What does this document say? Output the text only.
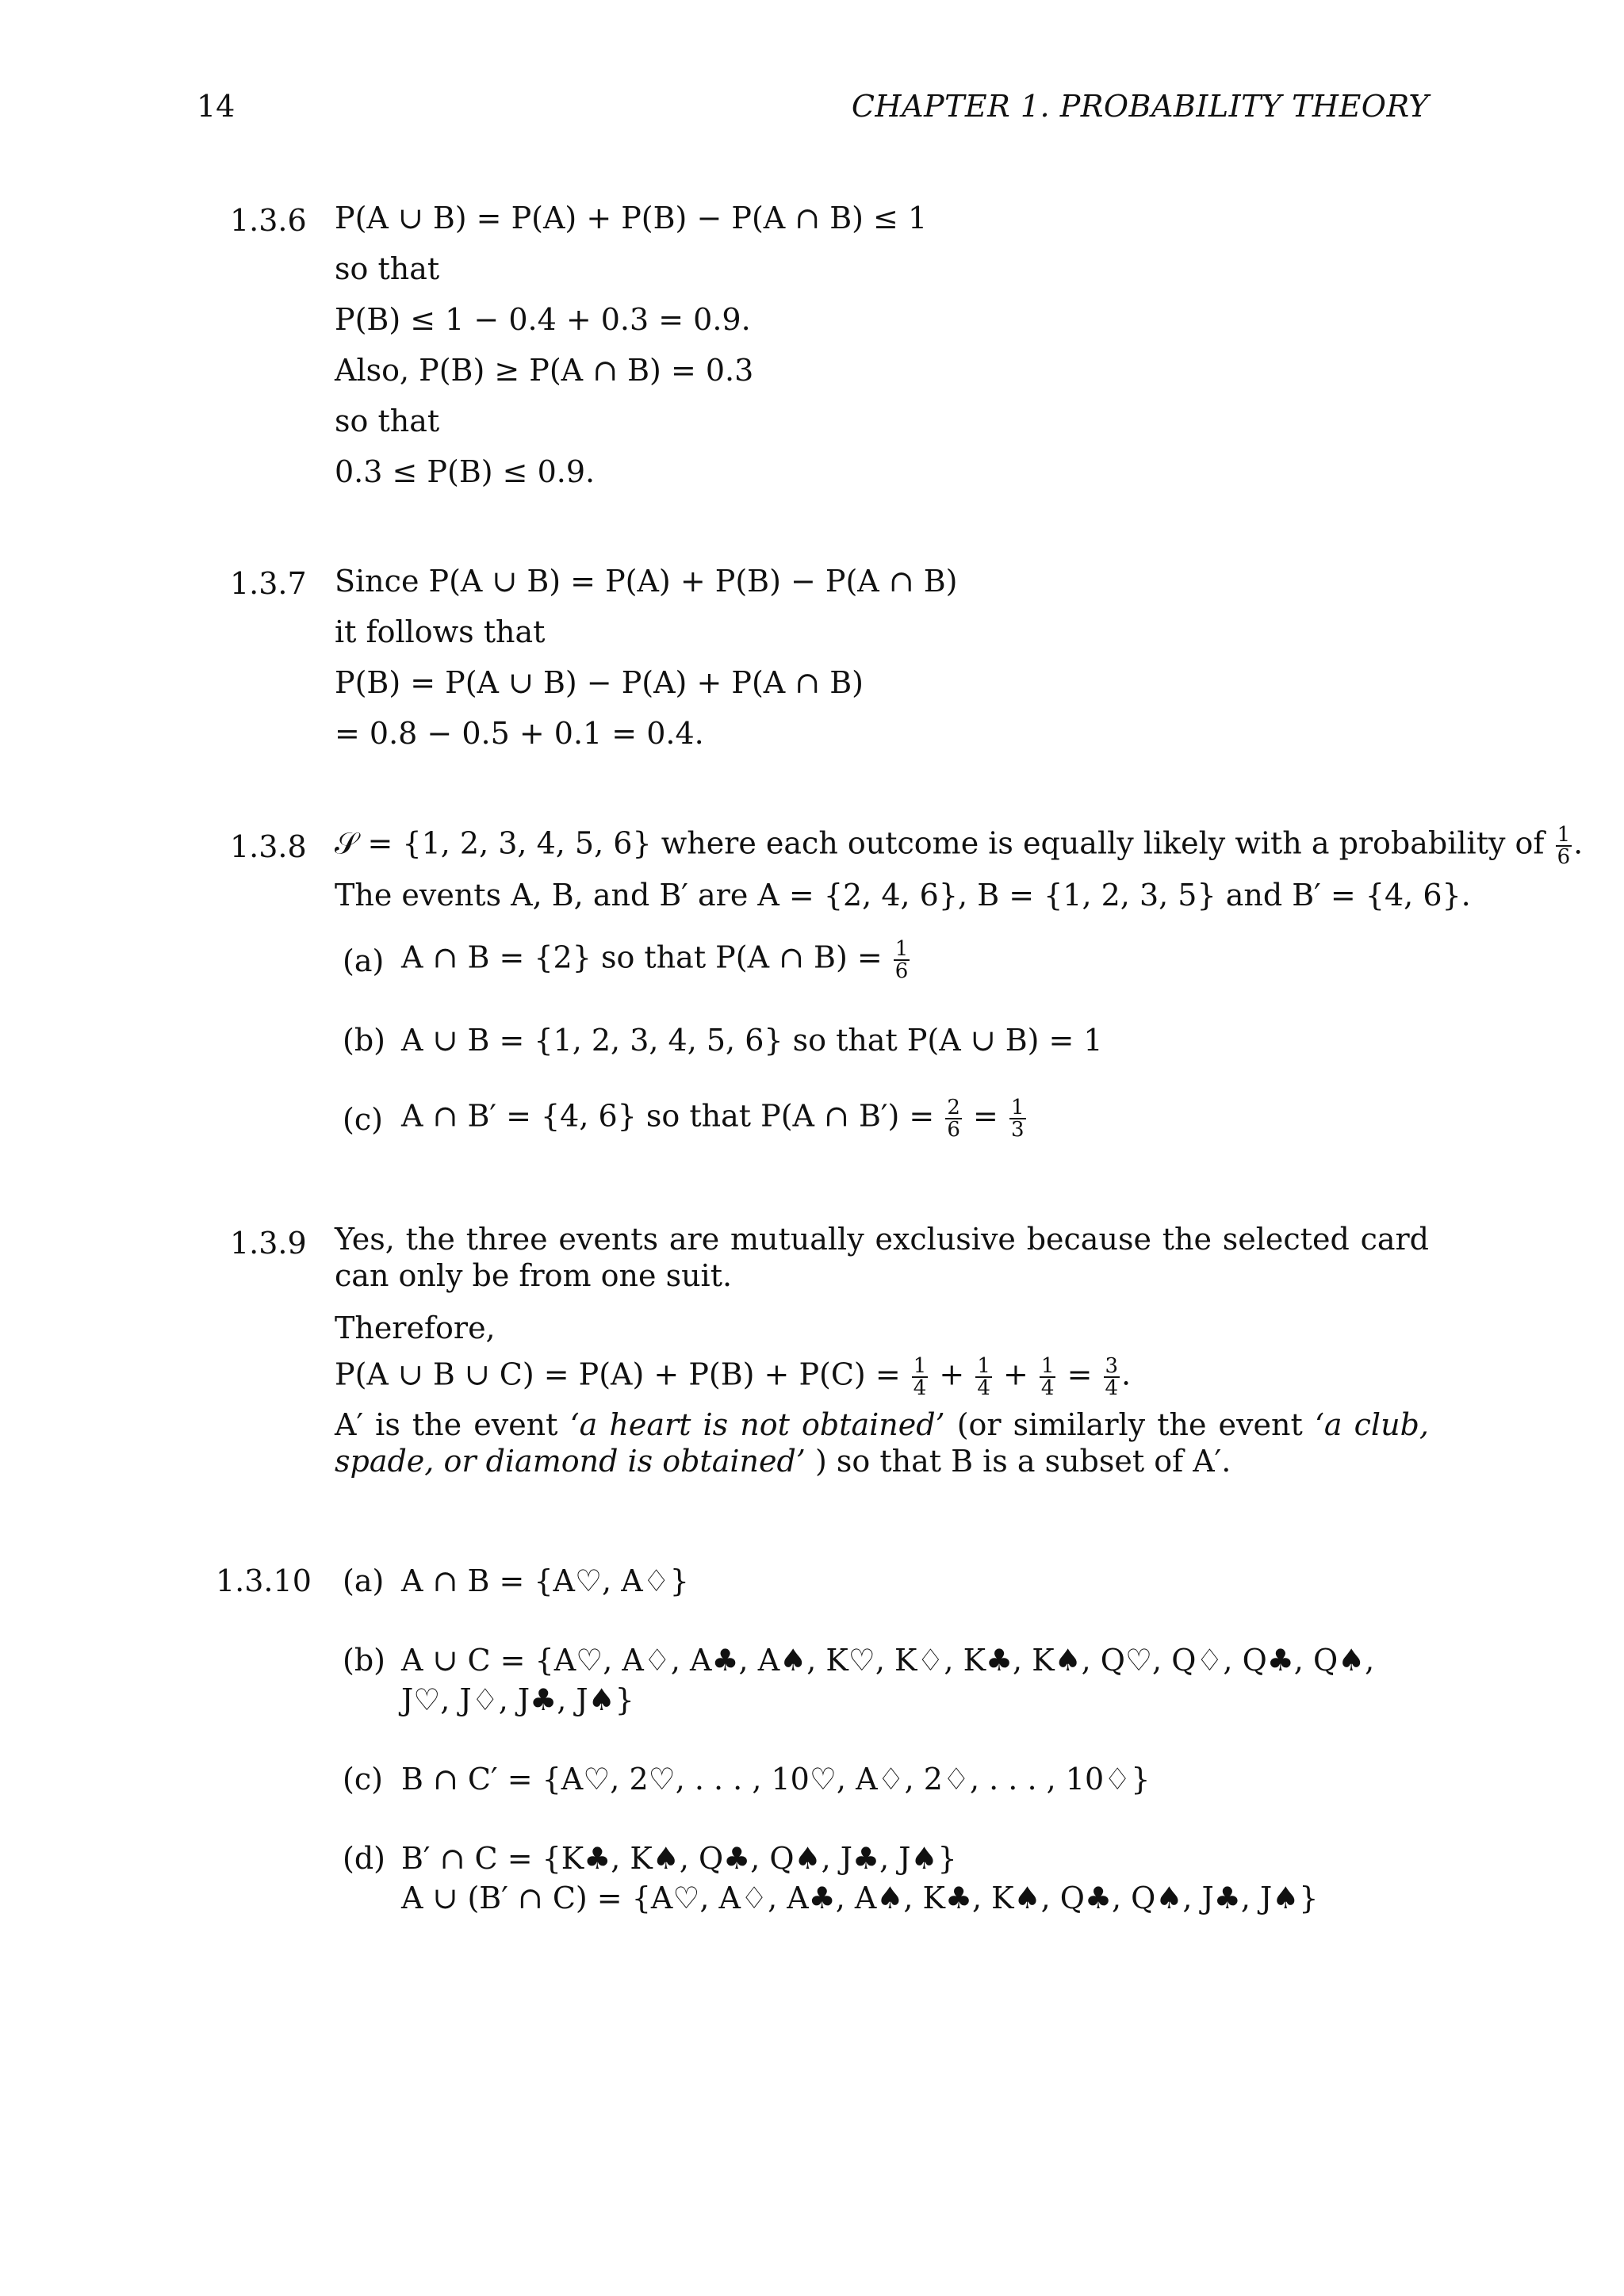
14	CHAPTER 1. PROBABILITY THEORY
1.3.6 P(A ∪ B) = P(A) + P(B) − P(A ∩ B) ≤ 1
so that
P(B) ≤ 1 − 0.4 + 0.3 = 0.9.
Also, P(B) ≥ P(A ∩ B) = 0.3
so that
0.3 ≤ P(B) ≤ 0.9.
1.3.7 Since P(A ∪ B) = P(A) + P(B) − P(A ∩ B)
it follows that
P(B) = P(A ∪ B) − P(A) + P(A ∩ B)
= 0.8 − 0.5 + 0.1 = 0.4.
1.3.8 𝒮 = {1, 2, 3, 4, 5, 6} where each outcome is equally likely with a probability of $\frac{1}{6}$ .
The events A, B, and B′ are A = {2, 4, 6}, B = {1, 2, 3, 5} and B′ = {4, 6}.
(a) A ∩ B = {2} so that P(A ∩ $B) = \frac{1}{6}$
(b) A ∪ B = {1, 2, 3, 4, 5, 6} so that P(A ∪ B) = 1
(c) A ∩ B′ = {4, 6} so that P(A ∩ $B') = \frac{2}{6} = \frac{1}{3}$
1.3.9 Yes, the three events are mutually exclusive because the selected card can only be from one suit.
Therefore,
P(A ∪ B ∪ $C) = P(A) + P(B) + P(C) = \frac{1}{4} + \frac{1}{4} + \frac{1}{4} = \frac{3}{4}$ .
A′ is the event ‘a heart is not obtained’ (or similarly the event ‘a club, spade, or diamond is obtained’ ) so that B is a subset of A′.
1.3.10 (a) A ∩ B = {A♡, A♢}
(b) A ∪ C = {A♡, A♢, A♣, A♠, K♡, K♢, K♣, K♠, Q♡, Q♢, Q♣, Q♠,
J♡, J♢, J♣, J♠}
(c) B ∩ C′ = {A♡, 2♡, . . . , 10♡, A♢, 2♢, . . . , 10♢}
(d) B′ ∩ C = {K♣, K♠, Q♣, Q♠, J♣, J♠}
A ∪ (B′ ∩ C) = {A♡, A♢, A♣, A♠, K♣, K♠, Q♣, Q♠, J♣, J♠}
